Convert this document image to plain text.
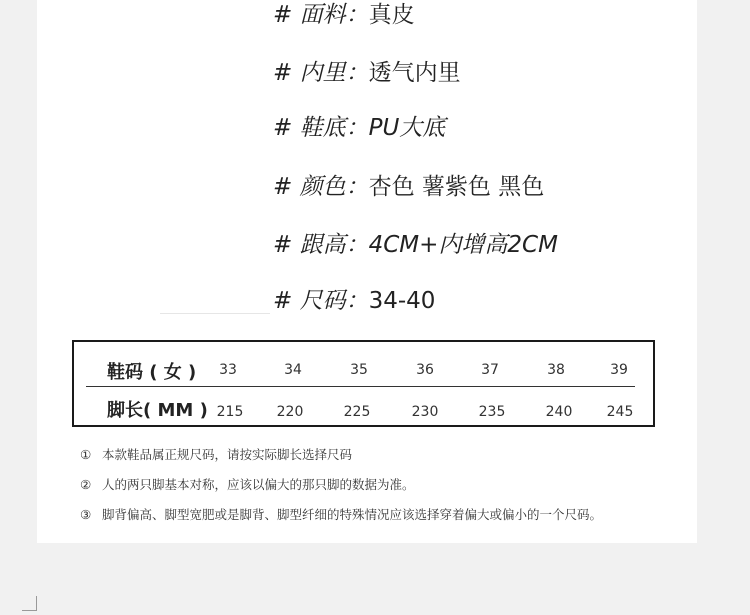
# 面料：真皮
# 内里：透气内里
# 鞋底：PU大底
# 颜色：杏色 薯紫色 黑色
# 跟高：4CM+内增高2CM
# 尺码：34-40
鞋码 ( 女 )	33	34	35	36	37	38	39
脚长( MM ) 215	220	225	230	235	240	245
① 本款鞋品属正规尺码，请按实际脚长选择尺码
② 人的两只脚基本对称，应该以偏大的那只脚的数据为准。
③ 脚背偏高、脚型宽肥或是脚背、脚型纤细的特殊情况应该选择穿着偏大或偏小的一个尺码。
